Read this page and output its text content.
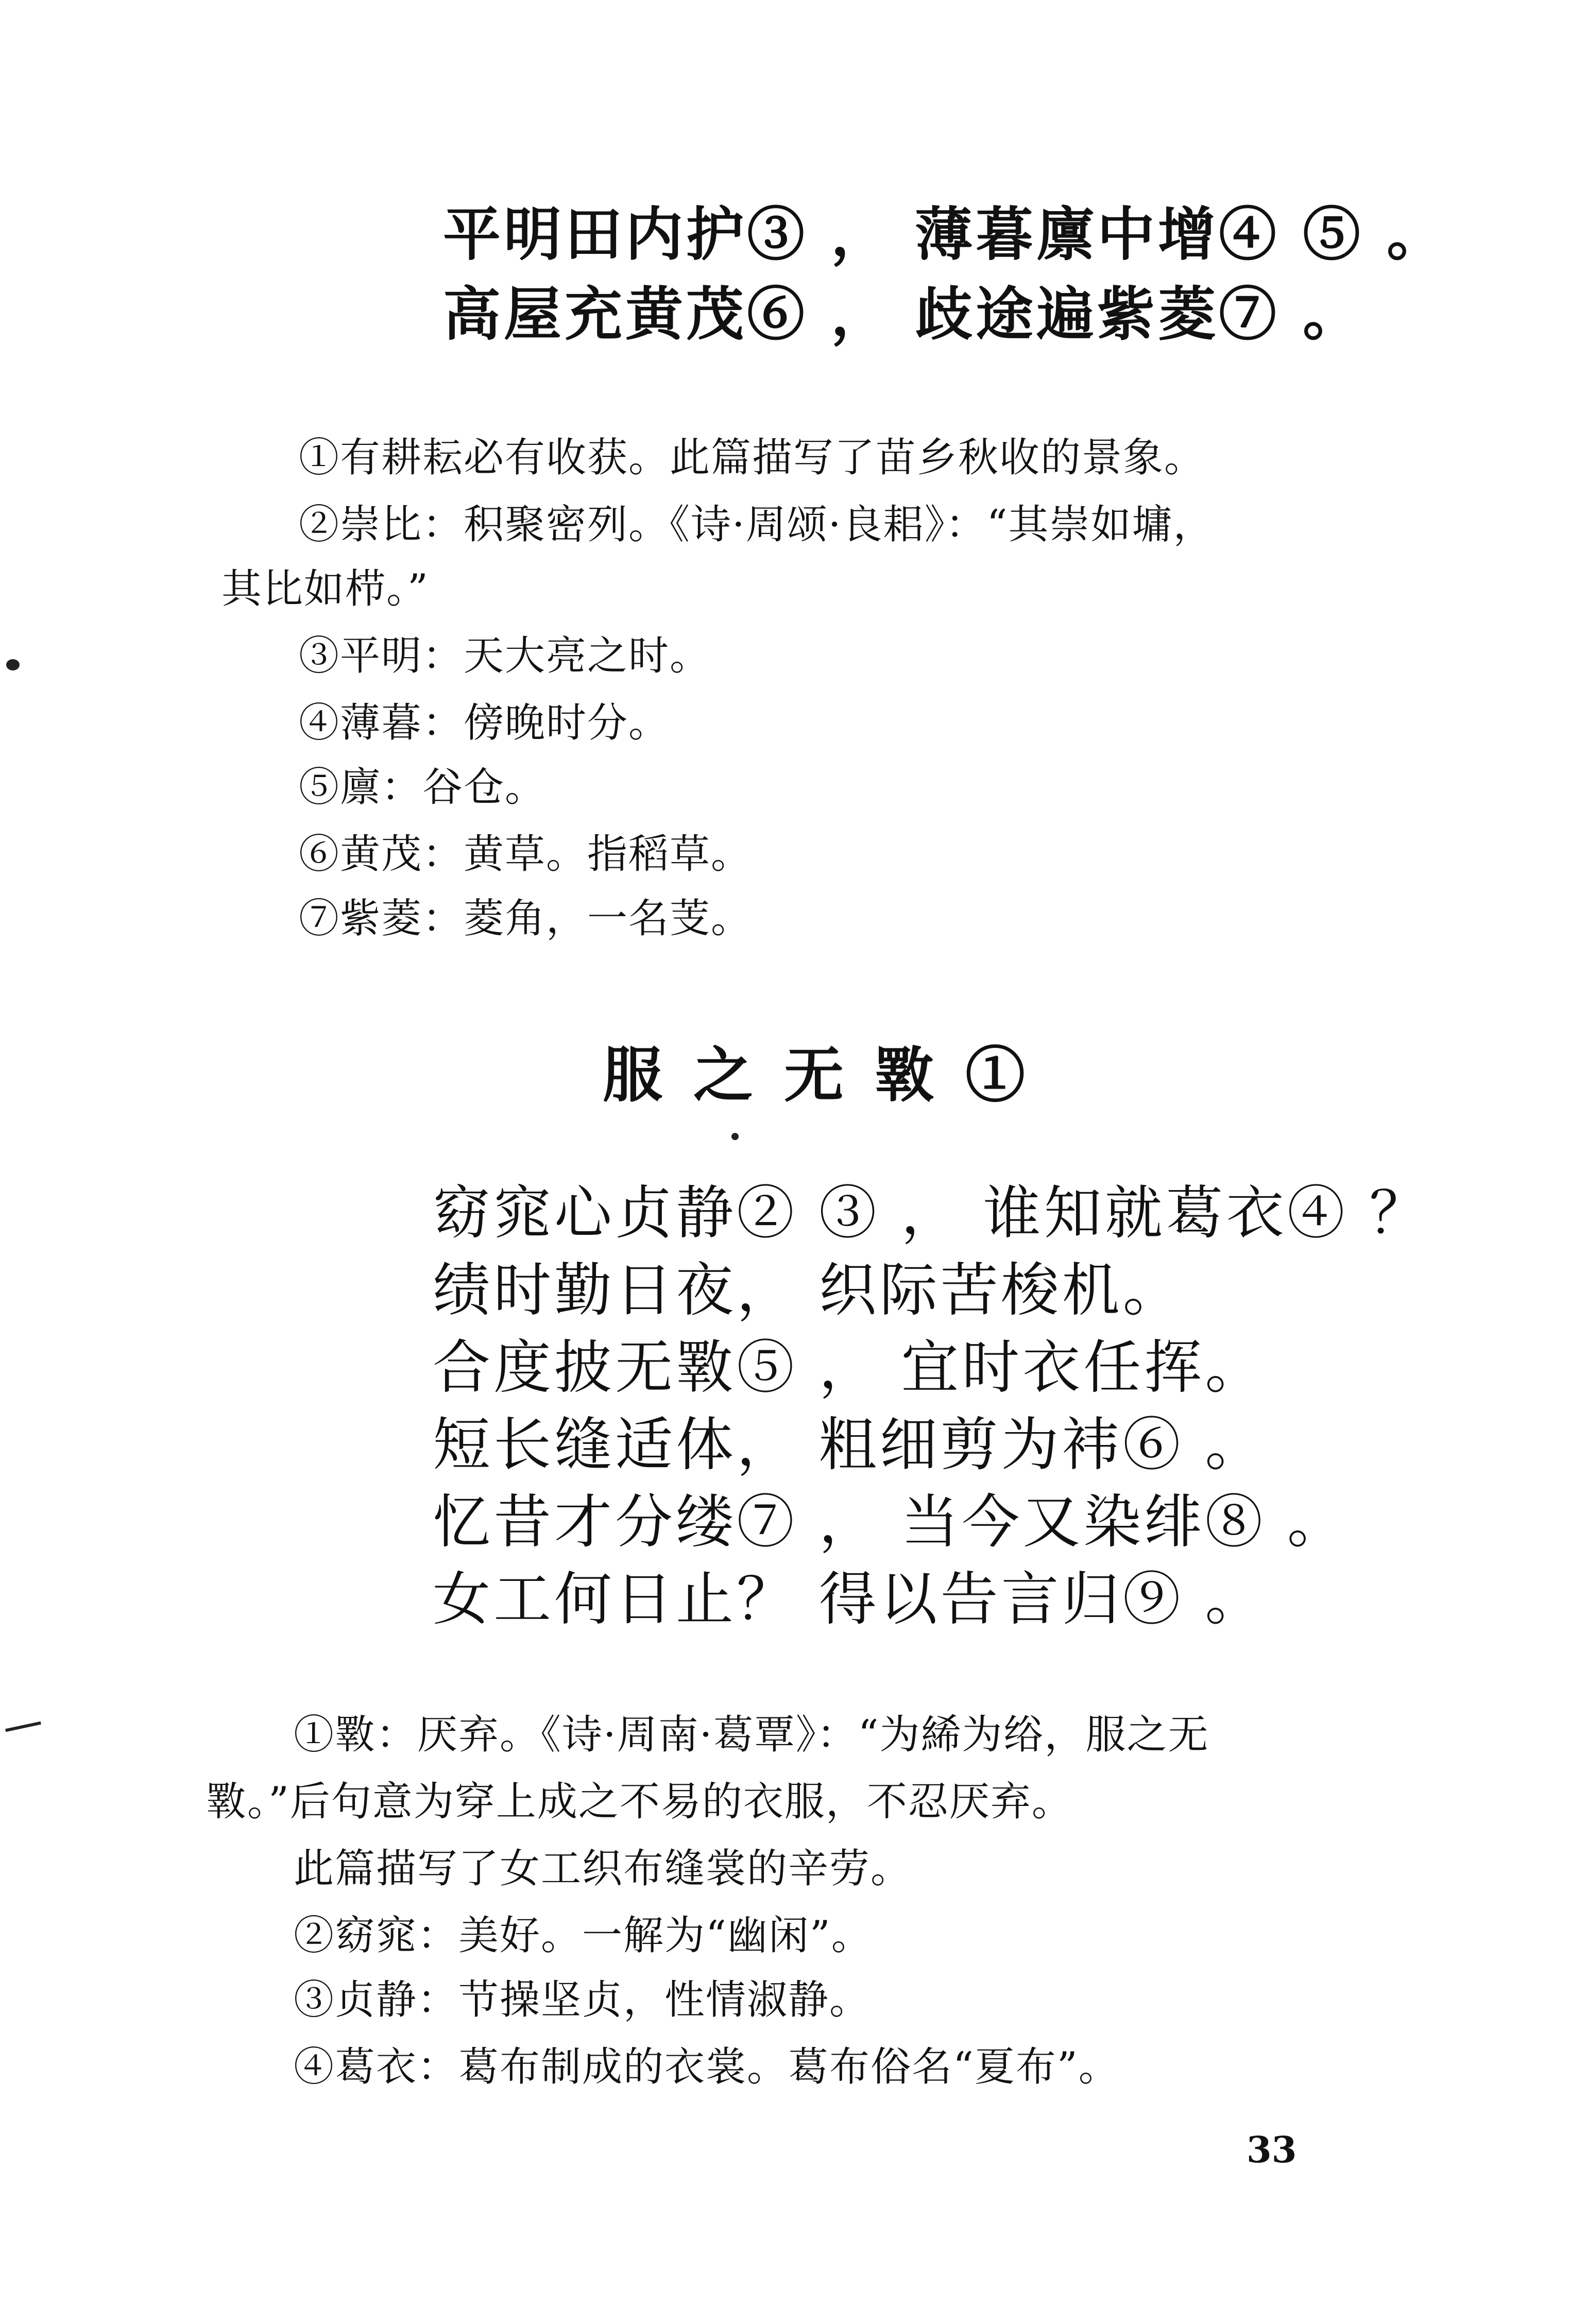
平明田内护③ ， 薄暮廪中增④ ⑤ 。
高屋充黄茂⑥ ， 歧途遍紫菱⑦ 。
①有耕耘必有收获。此篇描写了苗乡秋收的景象。
②崇比：积聚密列。《诗·周颂·良耜》：“其崇如墉，
其比如栉。”
③平明：天大亮之时。
④薄暮：傍晚时分。
⑤廪：谷仓。
⑥黄茂：黄草。指稻草。
⑦紫菱：菱角，一名芰。
服之无斁①
窈窕心贞静② ③ ， 谁知就葛衣④ ？
绩时勤日夜， 织际苦梭机。
合度披无斁⑤ ， 宜时衣任挥。
短长缝适体， 粗细剪为袆⑥ 。
忆昔才分缕⑦ ， 当今又染绯⑧ 。
女工何日止？ 得以告言归⑨ 。
①斁：厌弃。《诗·周南·葛覃》：“为絺为绤，服之无
斁。”后句意为穿上成之不易的衣服，不忍厌弃。
此篇描写了女工织布缝裳的辛劳。
②窈窕：美好。一解为“幽闲”。
③贞静：节操坚贞，性情淑静。
④葛衣：葛布制成的衣裳。葛布俗名“夏布”。
33
